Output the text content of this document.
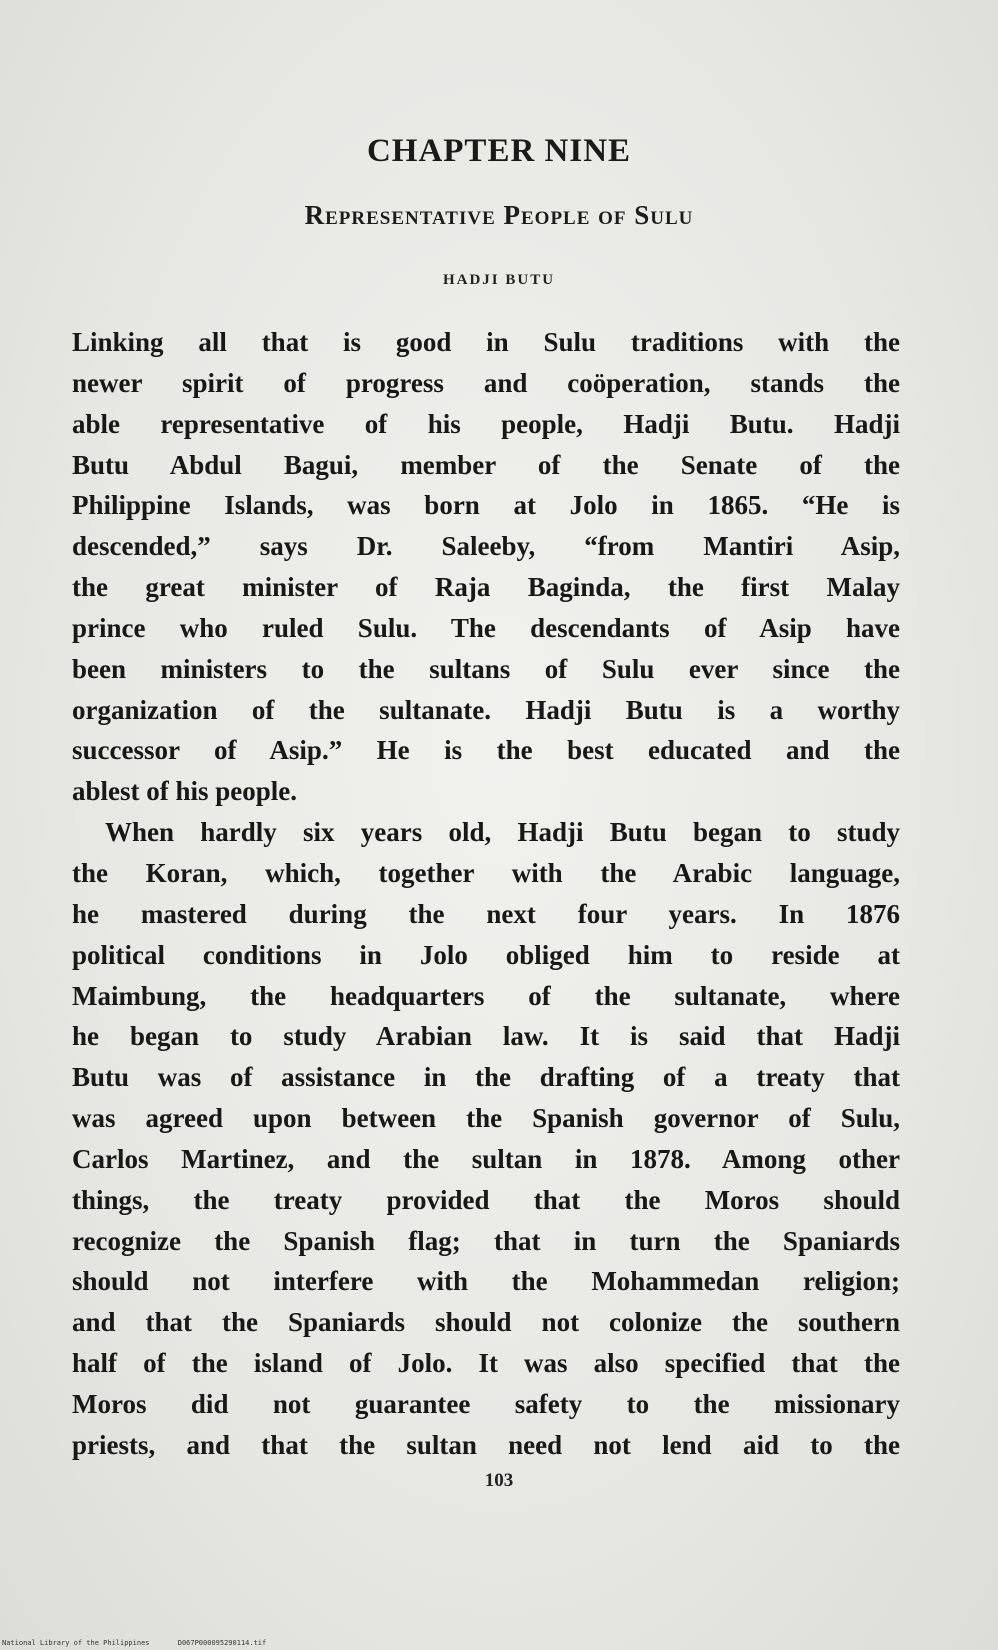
CHAPTER NINE
Representative People of Sulu
HADJI BUTU
Linking all that is good in Sulu traditions with the
newer spirit of progress and coöperation, stands the
able representative of his people, Hadji Butu. Hadji
Butu Abdul Bagui, member of the Senate of the
Philippine Islands, was born at Jolo in 1865. “He is
descended,” says Dr. Saleeby, “from Mantiri Asip,
the great minister of Raja Baginda, the first Malay
prince who ruled Sulu. The descendants of Asip have
been ministers to the sultans of Sulu ever since the
organization of the sultanate. Hadji Butu is a worthy
successor of Asip.” He is the best educated and the
ablest of his people.
When hardly six years old, Hadji Butu began to study
the Koran, which, together with the Arabic language,
he mastered during the next four years. In 1876
political conditions in Jolo obliged him to reside at
Maimbung, the headquarters of the sultanate, where
he began to study Arabian law. It is said that Hadji
Butu was of assistance in the drafting of a treaty that
was agreed upon between the Spanish governor of Sulu,
Carlos Martinez, and the sultan in 1878. Among other
things, the treaty provided that the Moros should
recognize the Spanish flag; that in turn the Spaniards
should not interfere with the Mohammedan religion;
and that the Spaniards should not colonize the southern
half of the island of Jolo. It was also specified that the
Moros did not guarantee safety to the missionary
priests, and that the sultan need not lend aid to the
103
National Library of the Philippines	D067P000095290114.tif
